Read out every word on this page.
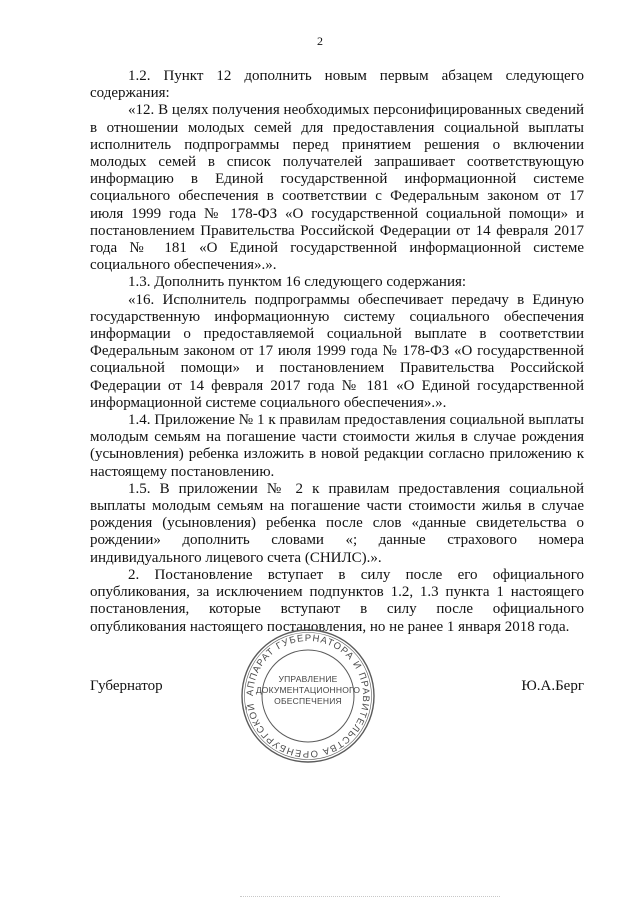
2

1.2. Пункт 12 дополнить новым первым абзацем следующего содержания:

«12. В целях получения необходимых персонифицированных сведений в отношении молодых семей для предоставления социальной выплаты исполнитель подпрограммы перед принятием решения о включении молодых семей в список получателей запрашивает соответствующую информацию в Единой государственной информационной системе социального обеспечения в соответствии с Федеральным законом от 17 июля 1999 года № 178-ФЗ «О государственной социальной помощи» и постановлением Правительства Российской Федерации от 14 февраля 2017 года № 181 «О Единой государственной информационной системе социального обеспечения».».

1.3. Дополнить пунктом 16 следующего содержания:

«16. Исполнитель подпрограммы обеспечивает передачу в Единую государственную информационную систему социального обеспечения информации о предоставляемой социальной выплате в соответствии Федеральным законом от 17 июля 1999 года № 178-ФЗ «О государственной социальной помощи» и постановлением Правительства Российской Федерации от 14 февраля 2017 года № 181 «О Единой государственной информационной системе социального обеспечения».».

1.4. Приложение № 1 к правилам предоставления социальной выплаты молодым семьям на погашение части стоимости жилья в случае рождения (усыновления) ребенка изложить в новой редакции согласно приложению к настоящему постановлению.

1.5. В приложении № 2 к правилам предоставления социальной выплаты молодым семьям на погашение части стоимости жилья в случае рождения (усыновления) ребенка после слов «данные свидетельства о рождении» дополнить словами «; данные страхового номера индивидуального лицевого счета (СНИЛС).».

2. Постановление вступает в силу после его официального опубликования, за исключением подпунктов 1.2, 1.3 пункта 1 настоящего постановления, которые вступают в силу после официального опубликования настоящего постановления, но не ранее 1 января 2018 года.

Губернатор	Ю.А.Берг
АППАРАТ ГУБЕРНАТОРА И ПРАВИТЕЛЬСТВА ОРЕНБУРГСКОЙ
УПРАВЛЕНИЕ
ДОКУМЕНТАЦИОННОГО
ОБЕСПЕЧЕНИЯ
